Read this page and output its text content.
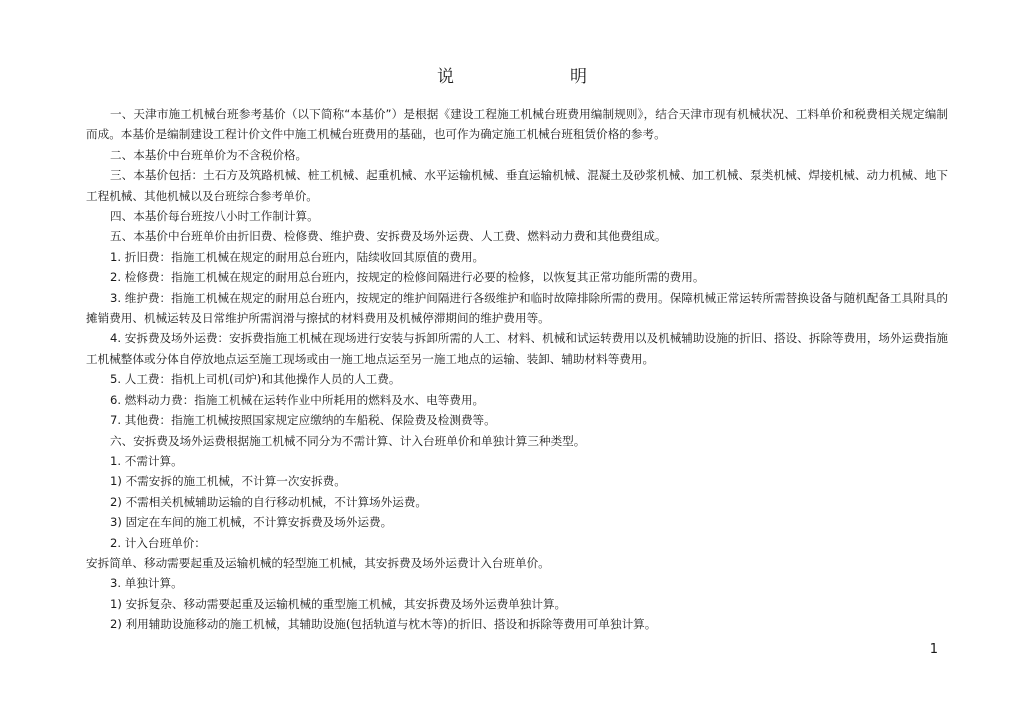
说	明

一、天津市施工机械台班参考基价（以下简称“本基价”）是根据《建设工程施工机械台班费用编制规则》，结合天津市现有机械状况、工料单价和税费相关规定编制而成。本基价是编制建设工程计价文件中施工机械台班费用的基础，也可作为确定施工机械台班租赁价格的参考。

二、本基价中台班单价为不含税价格。

三、本基价包括：土石方及筑路机械、桩工机械、起重机械、水平运输机械、垂直运输机械、混凝土及砂浆机械、加工机械、泵类机械、焊接机械、动力机械、地下工程机械、其他机械以及台班综合参考单价。

四、本基价每台班按八小时工作制计算。

五、本基价中台班单价由折旧费、检修费、维护费、安拆费及场外运费、人工费、燃料动力费和其他费组成。

1. 折旧费：指施工机械在规定的耐用总台班内，陆续收回其原值的费用。

2. 检修费：指施工机械在规定的耐用总台班内，按规定的检修间隔进行必要的检修，以恢复其正常功能所需的费用。

3. 维护费：指施工机械在规定的耐用总台班内，按规定的维护间隔进行各级维护和临时故障排除所需的费用。保障机械正常运转所需替换设备与随机配备工具附具的摊销费用、机械运转及日常维护所需润滑与擦拭的材料费用及机械停滞期间的维护费用等。

4. 安拆费及场外运费：安拆费指施工机械在现场进行安装与拆卸所需的人工、材料、机械和试运转费用以及机械辅助设施的折旧、搭设、拆除等费用，场外运费指施工机械整体或分体自停放地点运至施工现场或由一施工地点运至另一施工地点的运输、装卸、辅助材料等费用。

5. 人工费：指机上司机(司炉)和其他操作人员的人工费。

6. 燃料动力费：指施工机械在运转作业中所耗用的燃料及水、电等费用。

7. 其他费：指施工机械按照国家规定应缴纳的车船税、保险费及检测费等。

六、安拆费及场外运费根据施工机械不同分为不需计算、计入台班单价和单独计算三种类型。

1. 不需计算。

1) 不需安拆的施工机械，不计算一次安拆费。

2) 不需相关机械辅助运输的自行移动机械，不计算场外运费。

3) 固定在车间的施工机械，不计算安拆费及场外运费。

2. 计入台班单价：

安拆简单、移动需要起重及运输机械的轻型施工机械，其安拆费及场外运费计入台班单价。

3. 单独计算。

1) 安拆复杂、移动需要起重及运输机械的重型施工机械，其安拆费及场外运费单独计算。

2) 利用辅助设施移动的施工机械，其辅助设施(包括轨道与枕木等)的折旧、搭设和拆除等费用可单独计算。

1
